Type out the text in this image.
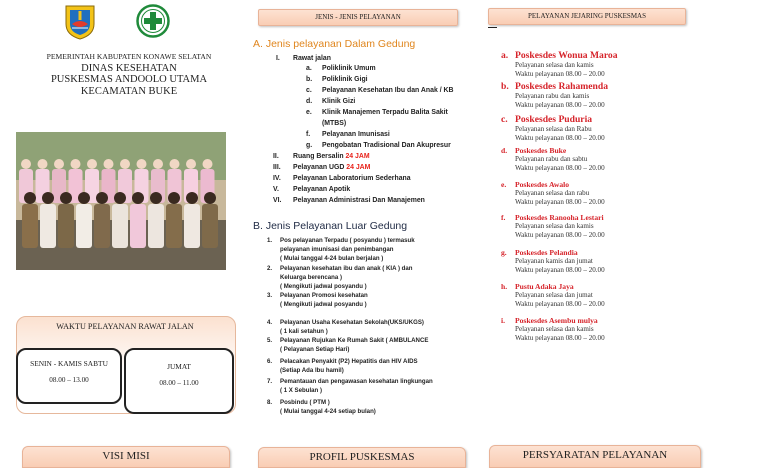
PEMERINTAH KABUPATEN KONAWE SELATAN
DINAS KESEHATAN
PUSKESMAS ANDOOLO UTAMA
KECAMATAN BUKE
WAKTU PELAYANAN RAWAT JALAN
SENIN - KAMIS SABTU
08.00 – 13.00
JUMAT
08.00 – 11.00
JENIS - JENIS PELAYANAN
A. Jenis pelayanan Dalam Gedung
I. Rawat jalan
a. Poliklinik Umum
b. Poliklinik Gigi
c. Pelayanan Kesehatan Ibu dan Anak / KB
d. Klinik Gizi
e. Klinik Manajemen Terpadu Balita Sakit
(MTBS)
f. Pelayanan Imunisasi
g. Pengobatan Tradisional Dan Akupresur
II. Ruang Bersalin 24 JAM
III. Pelayanan UGD 24 JAM
IV. Pelayanan Laboratorium Sederhana
V. Pelayanan Apotik
VI. Pelayanan Administrasi Dan Manajemen
B. Jenis Pelayanan Luar Gedung
1. Pos pelayanan Terpadu ( posyandu ) termasuk
pelayanan imunisasi dan penimbangan
( Mulai tanggal 4-24 bulan berjalan )
2. Pelayanan kesehatan ibu dan anak ( KIA ) dan
Keluarga berencana )
( Mengikuti jadwal posyandu )
3. Pelayanan Promosi kesehatan
( Mengikuti jadwal posyandu )
4. Pelayanan Usaha Kesehatan Sekolah(UKS/UKGS)
( 1 kali setahun )
5. Pelayanan Rujukan Ke Rumah Sakit ( AMBULANCE
( Pelayanan Setiap Hari)
6. Pelacakan Penyakit (P2) Hepatitis dan HIV AIDS
(Setiap Ada Ibu hamil)
7. Pemantauan dan pengawasan kesehatan lingkungan
( 1 X Sebulan )
8. Posbindu ( PTM )
( Mulai tanggal 4-24 setiap bulan)
PELAYANAN JEJARING PUSKESMAS
a. Poskesdes Wonua Maroa
Pelayanan selasa dan kamis
Waktu pelayanan 08.00 – 20.00
b. Poskesdes Rahamenda
Pelayanan rabu dan kamis
Waktu pelayanan 08.00 – 20.00
c. Poskesdes Puduria
Pelayanan selasa dan Rabu
Waktu pelayanan 08.00 – 20.00
d. Poskesdes Buke
Pelayanan rabu dan sabtu
Waktu pelayanan 08.00 – 20.00
e. Poskesdes Awalo
Pelayanan selasa dan rabu
Waktu pelayanan 08.00 – 20.00
f. Poskesdes Ranooha Lestari
Pelayanan selasa dan kamis
Waktu pelayanan 08.00 – 20.00
g. Poskesdes Pelandia
Pelayanan kamis dan jumat
Waktu pelayanan 08.00 – 20.00
h. Pustu Adaka Jaya
Pelayanan selasa dan jumat
Waktu pelayanan 08.00 – 20.00
i. Poskesdes Asembu mulya
Pelayanan selasa dan kamis
Waktu pelayanan 08.00 – 20.00
VISI MISI	PROFIL PUSKESMAS	PERSYARATAN PELAYANAN
